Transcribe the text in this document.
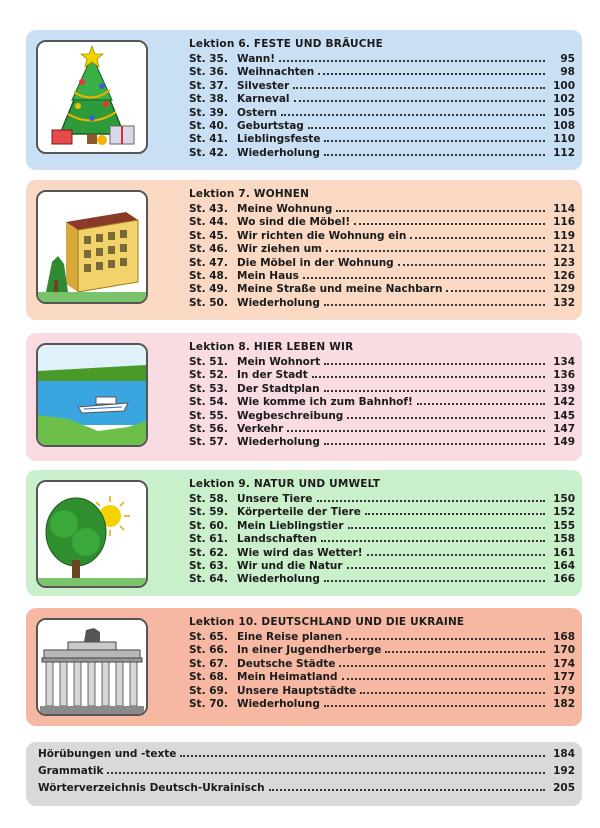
Lektion 6. FESTE UND BRÄUCHE
St. 35. Wann!	95
St. 36. Weihnachten	98
St. 37. Silvester	100
St. 38. Karneval	102
St. 39. Ostern	105
St. 40. Geburtstag	108
St. 41. Lieblingsfeste	110
St. 42. Wiederholung	112
Lektion 7. WOHNEN
St. 43. Meine Wohnung	114
St. 44. Wo sind die Möbel!	116
St. 45. Wir richten die Wohnung ein	119
St. 46. Wir ziehen um	121
St. 47. Die Möbel in der Wohnung	123
St. 48. Mein Haus	126
St. 49. Meine Straße und meine Nachbarn	129
St. 50. Wiederholung	132
Lektion 8. HIER LEBEN WIR
St. 51. Mein Wohnort	134
St. 52. In der Stadt	136
St. 53. Der Stadtplan	139
St. 54. Wie komme ich zum Bahnhof!	142
St. 55. Wegbeschreibung	145
St. 56. Verkehr	147
St. 57. Wiederholung	149
Lektion 9. NATUR UND UMWELT
St. 58. Unsere Tiere	150
St. 59. Körperteile der Tiere	152
St. 60. Mein Lieblingstier	155
St. 61. Landschaften	158
St. 62. Wie wird das Wetter!	161
St. 63. Wir und die Natur	164
St. 64. Wiederholung	166
Lektion 10. DEUTSCHLAND UND DIE UKRAINE
St. 65. Eine Reise planen	168
St. 66. In einer Jugendherberge	170
St. 67. Deutsche Städte	174
St. 68. Mein Heimatland	177
St. 69. Unsere Hauptstädte	179
St. 70. Wiederholung	182
Hörübungen und -texte	184
Grammatik	192
Wörterverzeichnis Deutsch-Ukrainisch	205
